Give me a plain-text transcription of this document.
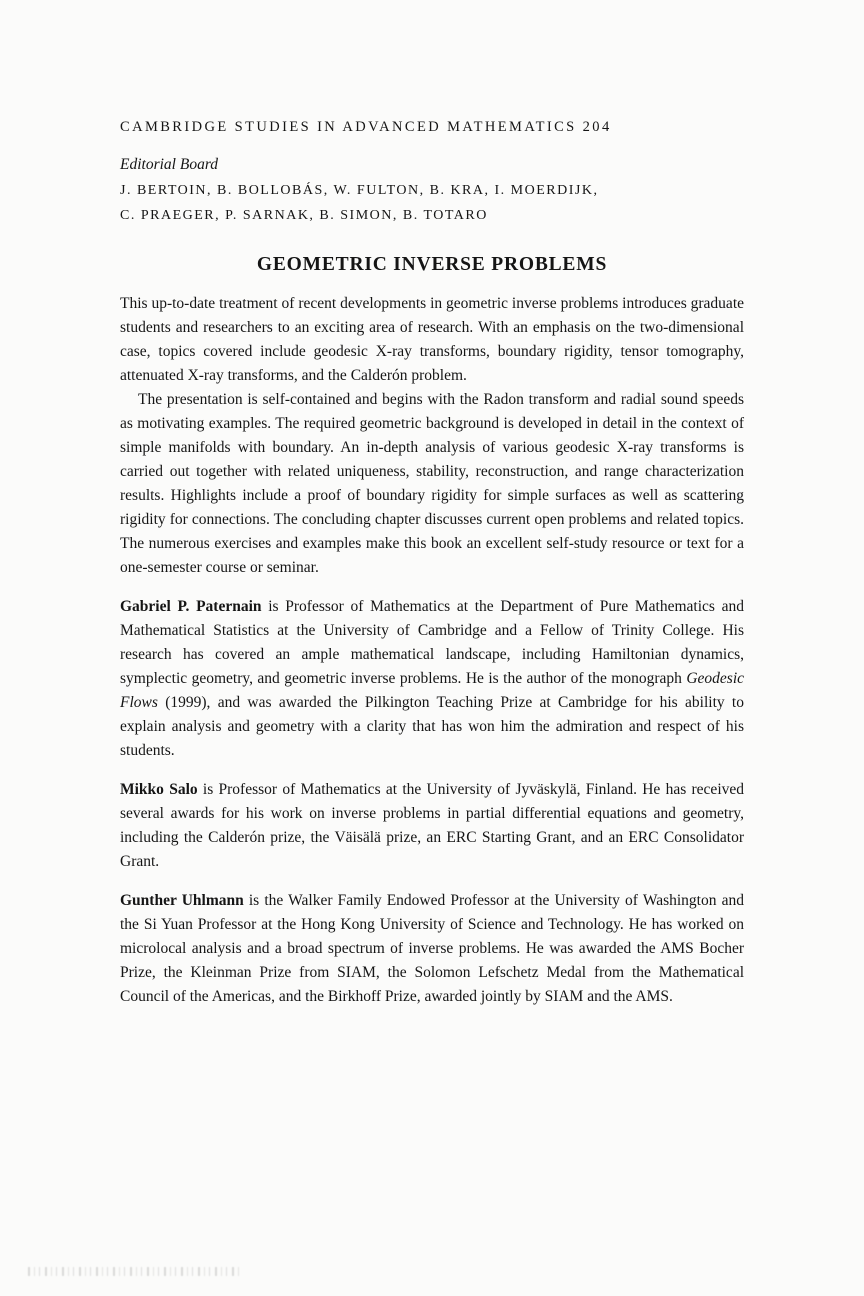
CAMBRIDGE STUDIES IN ADVANCED MATHEMATICS 204
Editorial Board
J. BERTOIN, B. BOLLOBÁS, W. FULTON, B. KRA, I. MOERDIJK,
C. PRAEGER, P. SARNAK, B. SIMON, B. TOTARO
GEOMETRIC INVERSE PROBLEMS

This up-to-date treatment of recent developments in geometric inverse problems introduces graduate students and researchers to an exciting area of research. With an emphasis on the two-dimensional case, topics covered include geodesic X-ray transforms, boundary rigidity, tensor tomography, attenuated X-ray transforms, and the Calderón problem.

The presentation is self-contained and begins with the Radon transform and radial sound speeds as motivating examples. The required geometric background is developed in detail in the context of simple manifolds with boundary. An in-depth analysis of various geodesic X-ray transforms is carried out together with related uniqueness, stability, reconstruction, and range characterization results. Highlights include a proof of boundary rigidity for simple surfaces as well as scattering rigidity for connections. The concluding chapter discusses current open problems and related topics. The numerous exercises and examples make this book an excellent self-study resource or text for a one-semester course or seminar.

Gabriel P. Paternain is Professor of Mathematics at the Department of Pure Mathematics and Mathematical Statistics at the University of Cambridge and a Fellow of Trinity College. His research has covered an ample mathematical landscape, including Hamiltonian dynamics, symplectic geometry, and geometric inverse problems. He is the author of the monograph Geodesic Flows (1999), and was awarded the Pilkington Teaching Prize at Cambridge for his ability to explain analysis and geometry with a clarity that has won him the admiration and respect of his students.

Mikko Salo is Professor of Mathematics at the University of Jyväskylä, Finland. He has received several awards for his work on inverse problems in partial differential equations and geometry, including the Calderón prize, the Väisälä prize, an ERC Starting Grant, and an ERC Consolidator Grant.

Gunther Uhlmann is the Walker Family Endowed Professor at the University of Washington and the Si Yuan Professor at the Hong Kong University of Science and Technology. He has worked on microlocal analysis and a broad spectrum of inverse problems. He was awarded the AMS Bocher Prize, the Kleinman Prize from SIAM, the Solomon Lefschetz Medal from the Mathematical Council of the Americas, and the Birkhoff Prize, awarded jointly by SIAM and the AMS.
